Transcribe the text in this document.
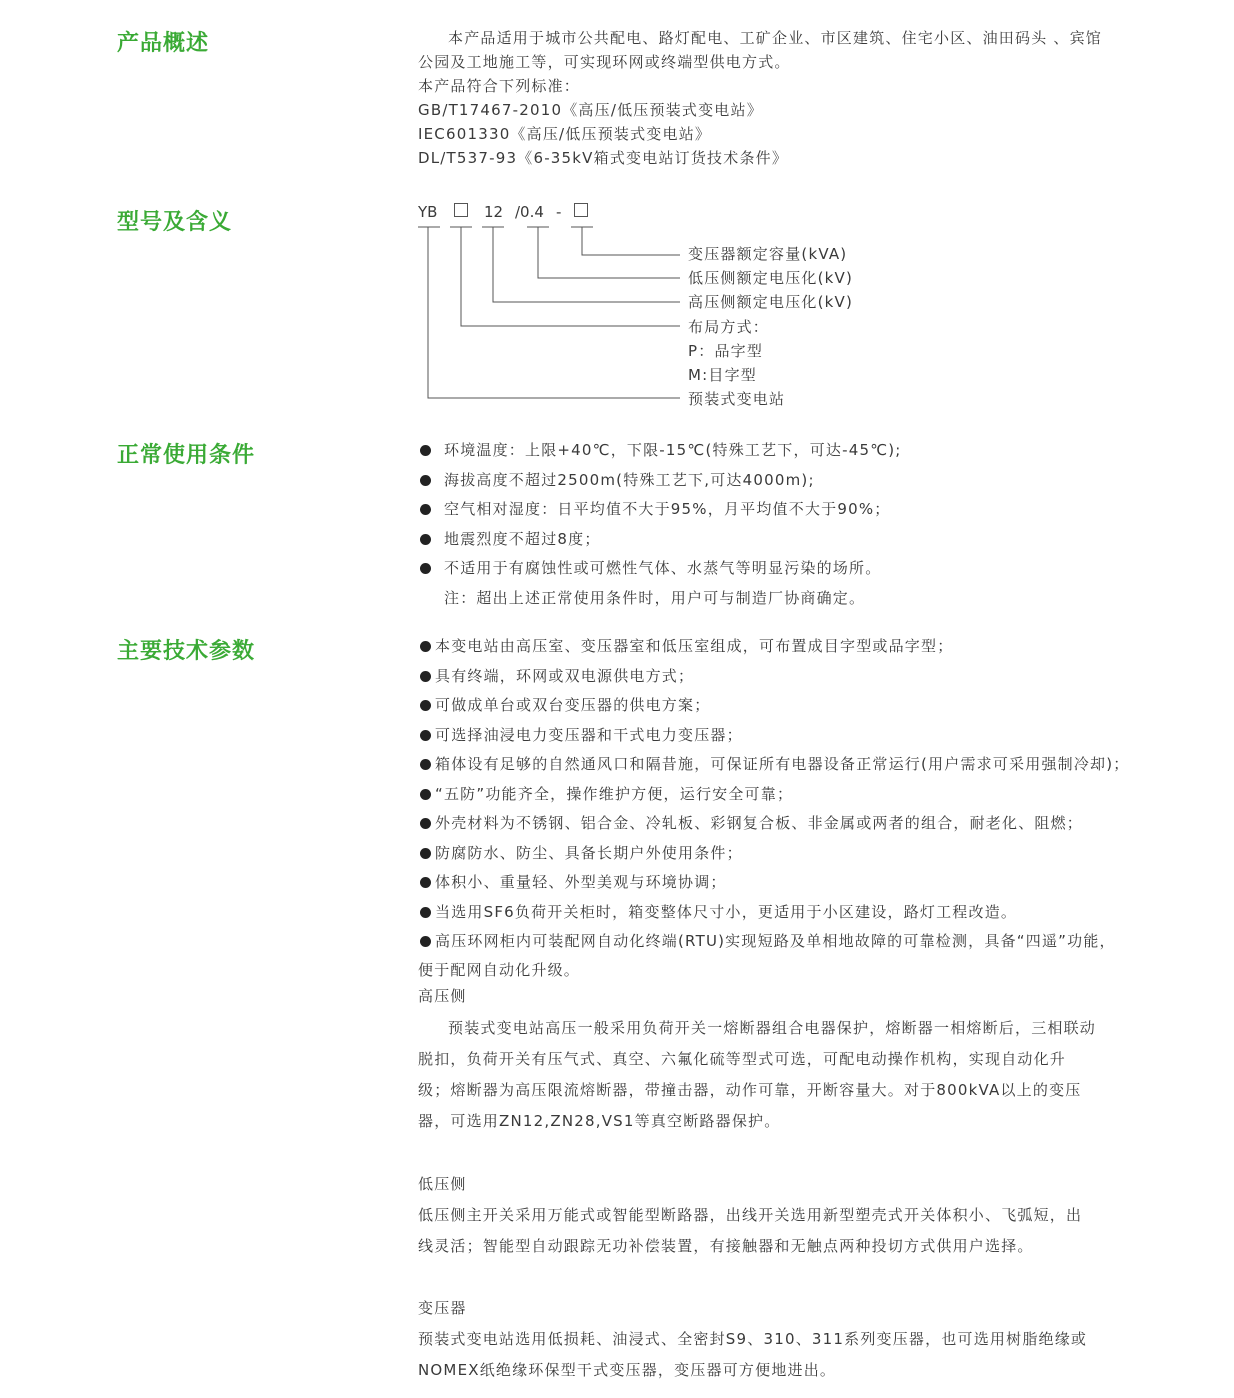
产品概述
型号及含义
正常使用条件
主要技术参数
本产品适用于城市公共配电、路灯配电、工矿企业、市区建筑、住宅小区、油田码头 、宾馆
公园及工地施工等，可实现环网或终端型供电方式。
本产品符合下列标准：
GB/T17467-2010《高压/低压预装式变电站》
IEC601330《高压/低压预装式变电站》
DL/T537-93《6-35kV箱式变电站订货技术条件》
YB	12 /0.4 -
变压器额定容量(kVA)
低压侧额定电压化(kV)
高压侧额定电压化(kV)
布局方式：
P：品字型
M:目字型
预装式变电站
环境温度：上限+40℃，下限-15℃(特殊工艺下，可达-45℃);
海拔高度不超过2500m(特殊工艺下,可达4000m);
空气相对湿度：日平均值不大于95%，月平均值不大于90%；
地震烈度不超过8度；
不适用于有腐蚀性或可燃性气体、水蒸气等明显污染的场所。
注：超出上述正常使用条件时，用户可与制造厂协商确定。
本变电站由高压室、变压器室和低压室组成，可布置成目字型或品字型；
具有终端，环网或双电源供电方式；
可做成单台或双台变压器的供电方案；
可选择油浸电力变压器和干式电力变压器；
箱体设有足够的自然通风口和隔昔施，可保证所有电器设备正常运行(用户需求可采用强制冷却)；
“五防”功能齐全，操作维护方便，运行安全可靠；
外壳材料为不锈钢、铝合金、冷轧板、彩钢复合板、非金属或两者的组合，耐老化、阻燃；
防腐防水、防尘、具备长期户外使用条件；
体积小、重量轻、外型美观与环境协调；
当选用SF6负荷开关柜时，箱变整体尺寸小，更适用于小区建设，路灯工程改造。
高压环网柜内可装配网自动化终端(RTU)实现短路及单相地故障的可靠检测，具备“四遥”功能，
便于配网自动化升级。
高压侧
预装式变电站高压一般采用负荷开关一熔断器组合电器保护，熔断器一相熔断后，三相联动
脱扣，负荷开关有压气式、真空、六氟化硫等型式可选，可配电动操作机构，实现自动化升
级；熔断器为高压限流熔断器，带撞击器，动作可靠，开断容量大。对于800kVA以上的变压
器，可选用ZN12,ZN28,VS1等真空断路器保护。
低压侧
低压侧主开关采用万能式或智能型断路器，出线开关选用新型塑壳式开关体积小、飞弧短，出
线灵活；智能型自动跟踪无功补偿装置，有接触器和无触点两种投切方式供用户选择。
变压器
预装式变电站选用低损耗、油浸式、全密封S9、310、311系列变压器，也可选用树脂绝缘或
NOMEX纸绝缘环保型干式变压器，变压器可方便地进出。
